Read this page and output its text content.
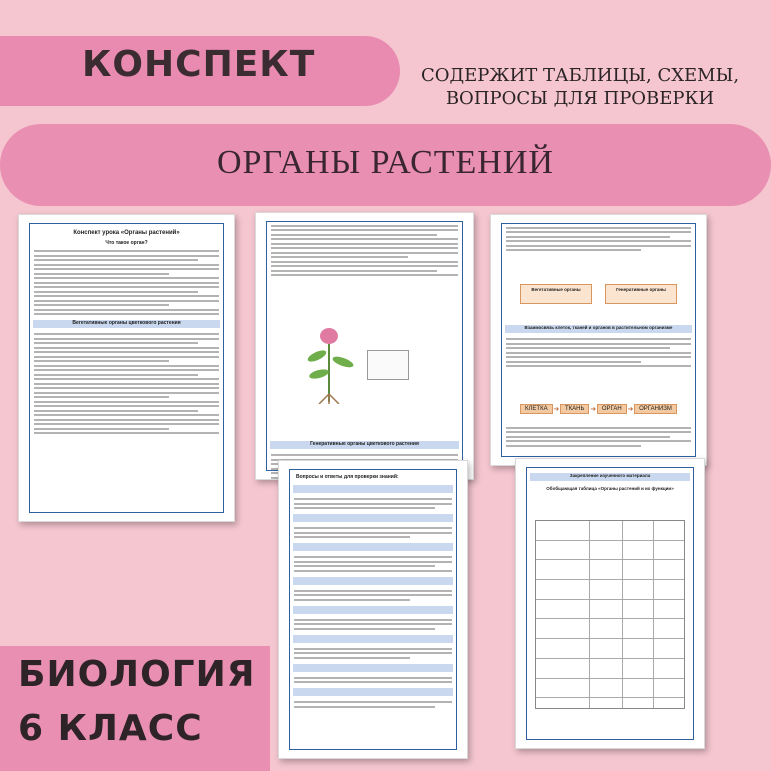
КОНСПЕКТ	СОДЕРЖИТ ТАБЛИЦЫ, СХЕМЫ,
ВОПРОСЫ ДЛЯ ПРОВЕРКИ
ОРГАНЫ РАСТЕНИЙ
Конспект урока «Органы растений»
Что такое орган?
Вегетативные органы цветкового растения
Генеративные органы цветкового растения
Вегетативные органы	Генеративные органы
Взаимосвязь клеток, тканей и органов в растительном организме
КЛЕТКА ➜ ТКАНЬ ➜ ОРГАН ➜ ОРГАНИЗМ
Вопросы и ответы для проверки знаний:	Закрепление изученного материала
Обобщающая таблица «Органы растений и их функции»
БИОЛОГИЯ
6 КЛАСС
